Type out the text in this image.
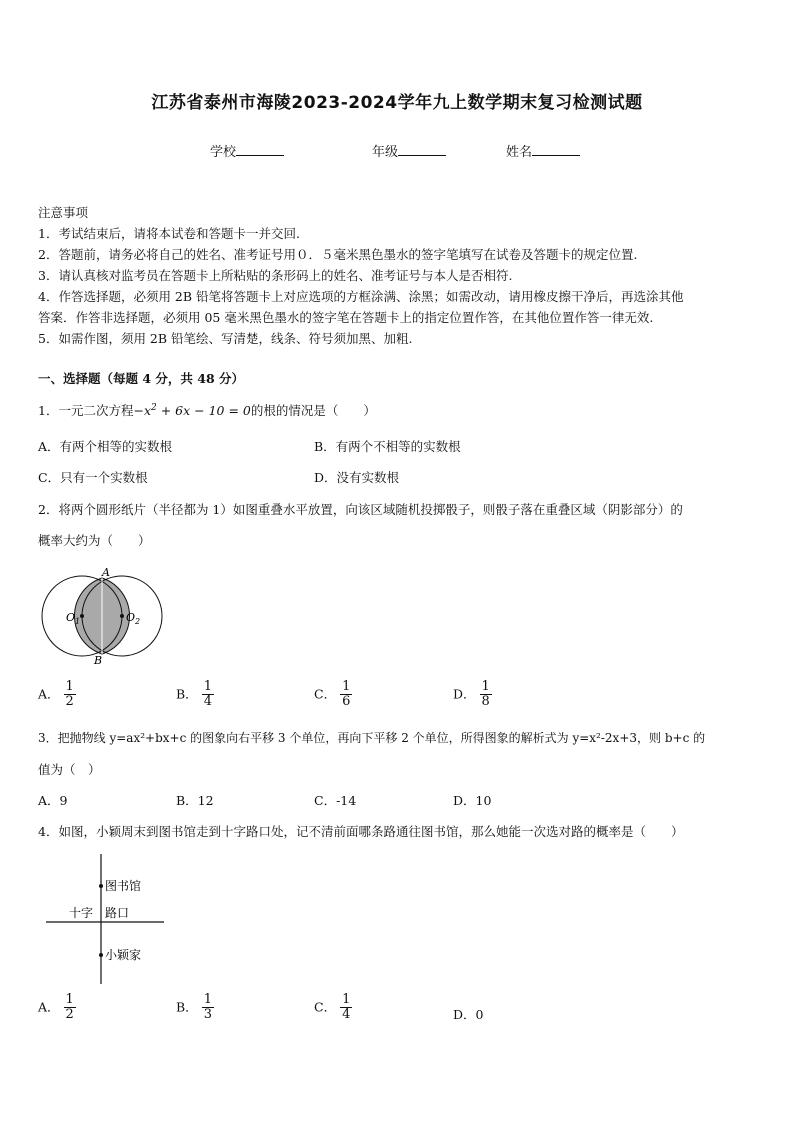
江苏省泰州市海陵2023-2024学年九上数学期末复习检测试题
学校	年级	姓名
注意事项
1．考试结束后，请将本试卷和答题卡一并交回.
2．答题前，请务必将自己的姓名、准考证号用０．５毫米黑色墨水的签字笔填写在试卷及答题卡的规定位置.
3．请认真核对监考员在答题卡上所粘贴的条形码上的姓名、准考证号与本人是否相符.
4．作答选择题，必须用 2B 铅笔将答题卡上对应选项的方框涂满、涂黑；如需改动，请用橡皮擦干净后，再选涂其他
答案．作答非选择题，必须用 05 毫米黑色墨水的签字笔在答题卡上的指定位置作答，在其他位置作答一律无效.
5．如需作图，须用 2B 铅笔绘、写清楚，线条、符号须加黑、加粗.
一、选择题（每题 4 分，共 48 分）
1．一元二次方程$-x^2 + 6x - 10 = 0$的根的情况是（　　）
A．有两个相等的实数根	B．有两个不相等的实数根
C．只有一个实数根	D．没有实数根
2．将两个圆形纸片（半径都为 1）如图重叠水平放置，向该区域随机投掷骰子，则骰子落在重叠区域（阴影部分）的
概率大约为（　　）
A
B
$O_1$	$O_2$
A． $\frac{1}{2}$	B． $\frac{1}{4}$	C． $\frac{1}{6}$	D． $\frac{1}{8}$
3．把抛物线 y=ax²+bx+c 的图象向右平移 3 个单位，再向下平移 2 个单位，所得图象的解析式为 y=x²-2x+3，则 b+c 的
值为（　）
A．9	B．12	C．-14	D．10
4．如图，小颖周末到图书馆走到十字路口处，记不清前面哪条路通往图书馆，那么她能一次选对路的概率是（　　）
图书馆
十字 路口
小颖家
A． $\frac{1}{2}$	B． $\frac{1}{3}$	C． $\frac{1}{4}$	D．0
